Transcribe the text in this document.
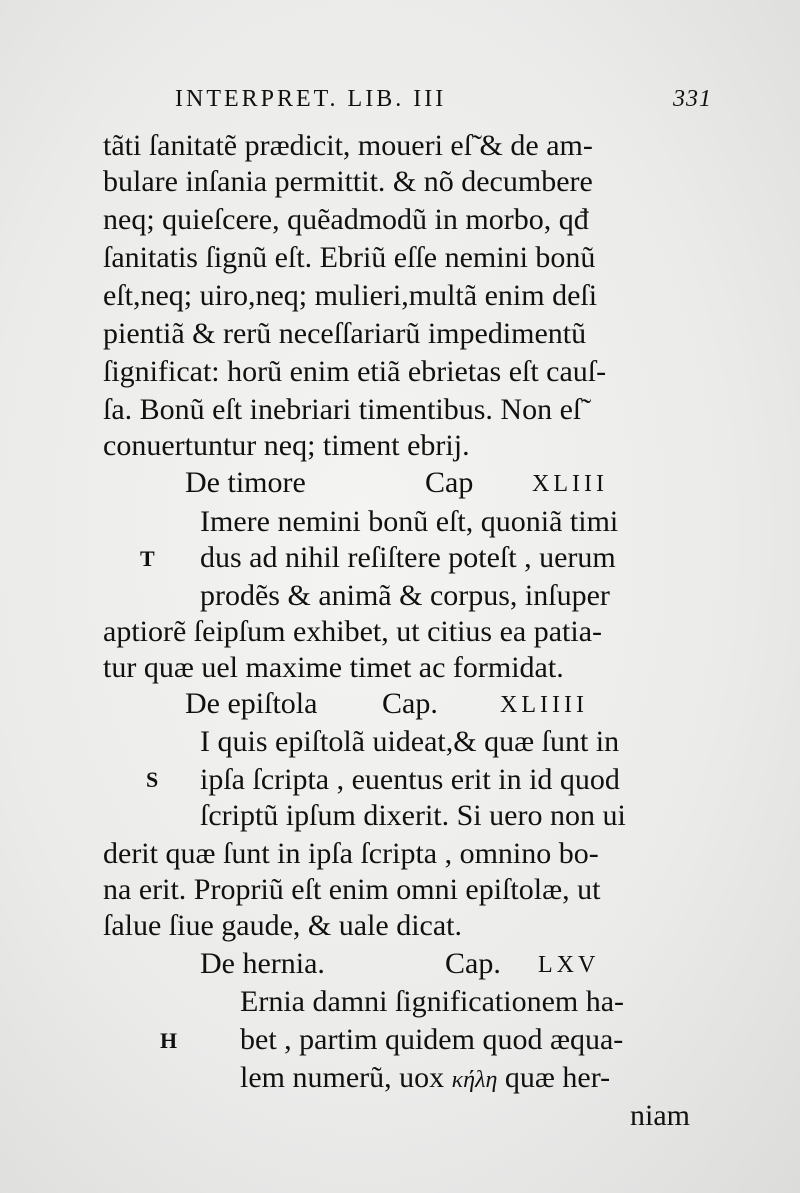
INTERPRET. LIB. III	331
tãti ſanitatẽ prædicit, moueri eſ̃ & de am-
bulare inſania permittit. & nõ decumbere
neq; quieſcere, quẽadmodũ in morbo, qđ
ſanitatis ſignũ eſt. Ebriũ eſſe nemini bonũ
eſt,neq; uiro,neq; mulieri,multã enim deſi
pientiã & rerũ neceſſariarũ impedimentũ
ſignificat: horũ enim etiã ebrietas eſt cauſ-
ſa. Bonũ eſt inebriari timentibus. Non eſ̃
conuertuntur neq; timent ebrij.
De timore	Cap XLIII
Imere nemini bonũ eſt, quoniã timi
T dus ad nihil reſiſtere poteſt , uerum
prodẽs & animã & corpus, inſuper
aptiorẽ ſeipſum exhibet, ut citius ea patia-
tur quæ uel maxime timet ac formidat.
De epiſtola Cap.	XLIIII
I quis epiſtolã uideat,& quæ ſunt in
S ipſa ſcripta , euentus erit in id quod
ſcriptũ ipſum dixerit. Si uero non ui
derit quæ ſunt in ipſa ſcripta , omnino bo-
na erit. Propriũ eſt enim omni epiſtolæ, ut
ſalue ſiue gaude, & uale dicat.
De hernia.	Cap. LXV
Ernia damni ſignificationem ha-
H bet , partim quidem quod æqua-
lem numerũ, uox κήλη quæ her-
niam
